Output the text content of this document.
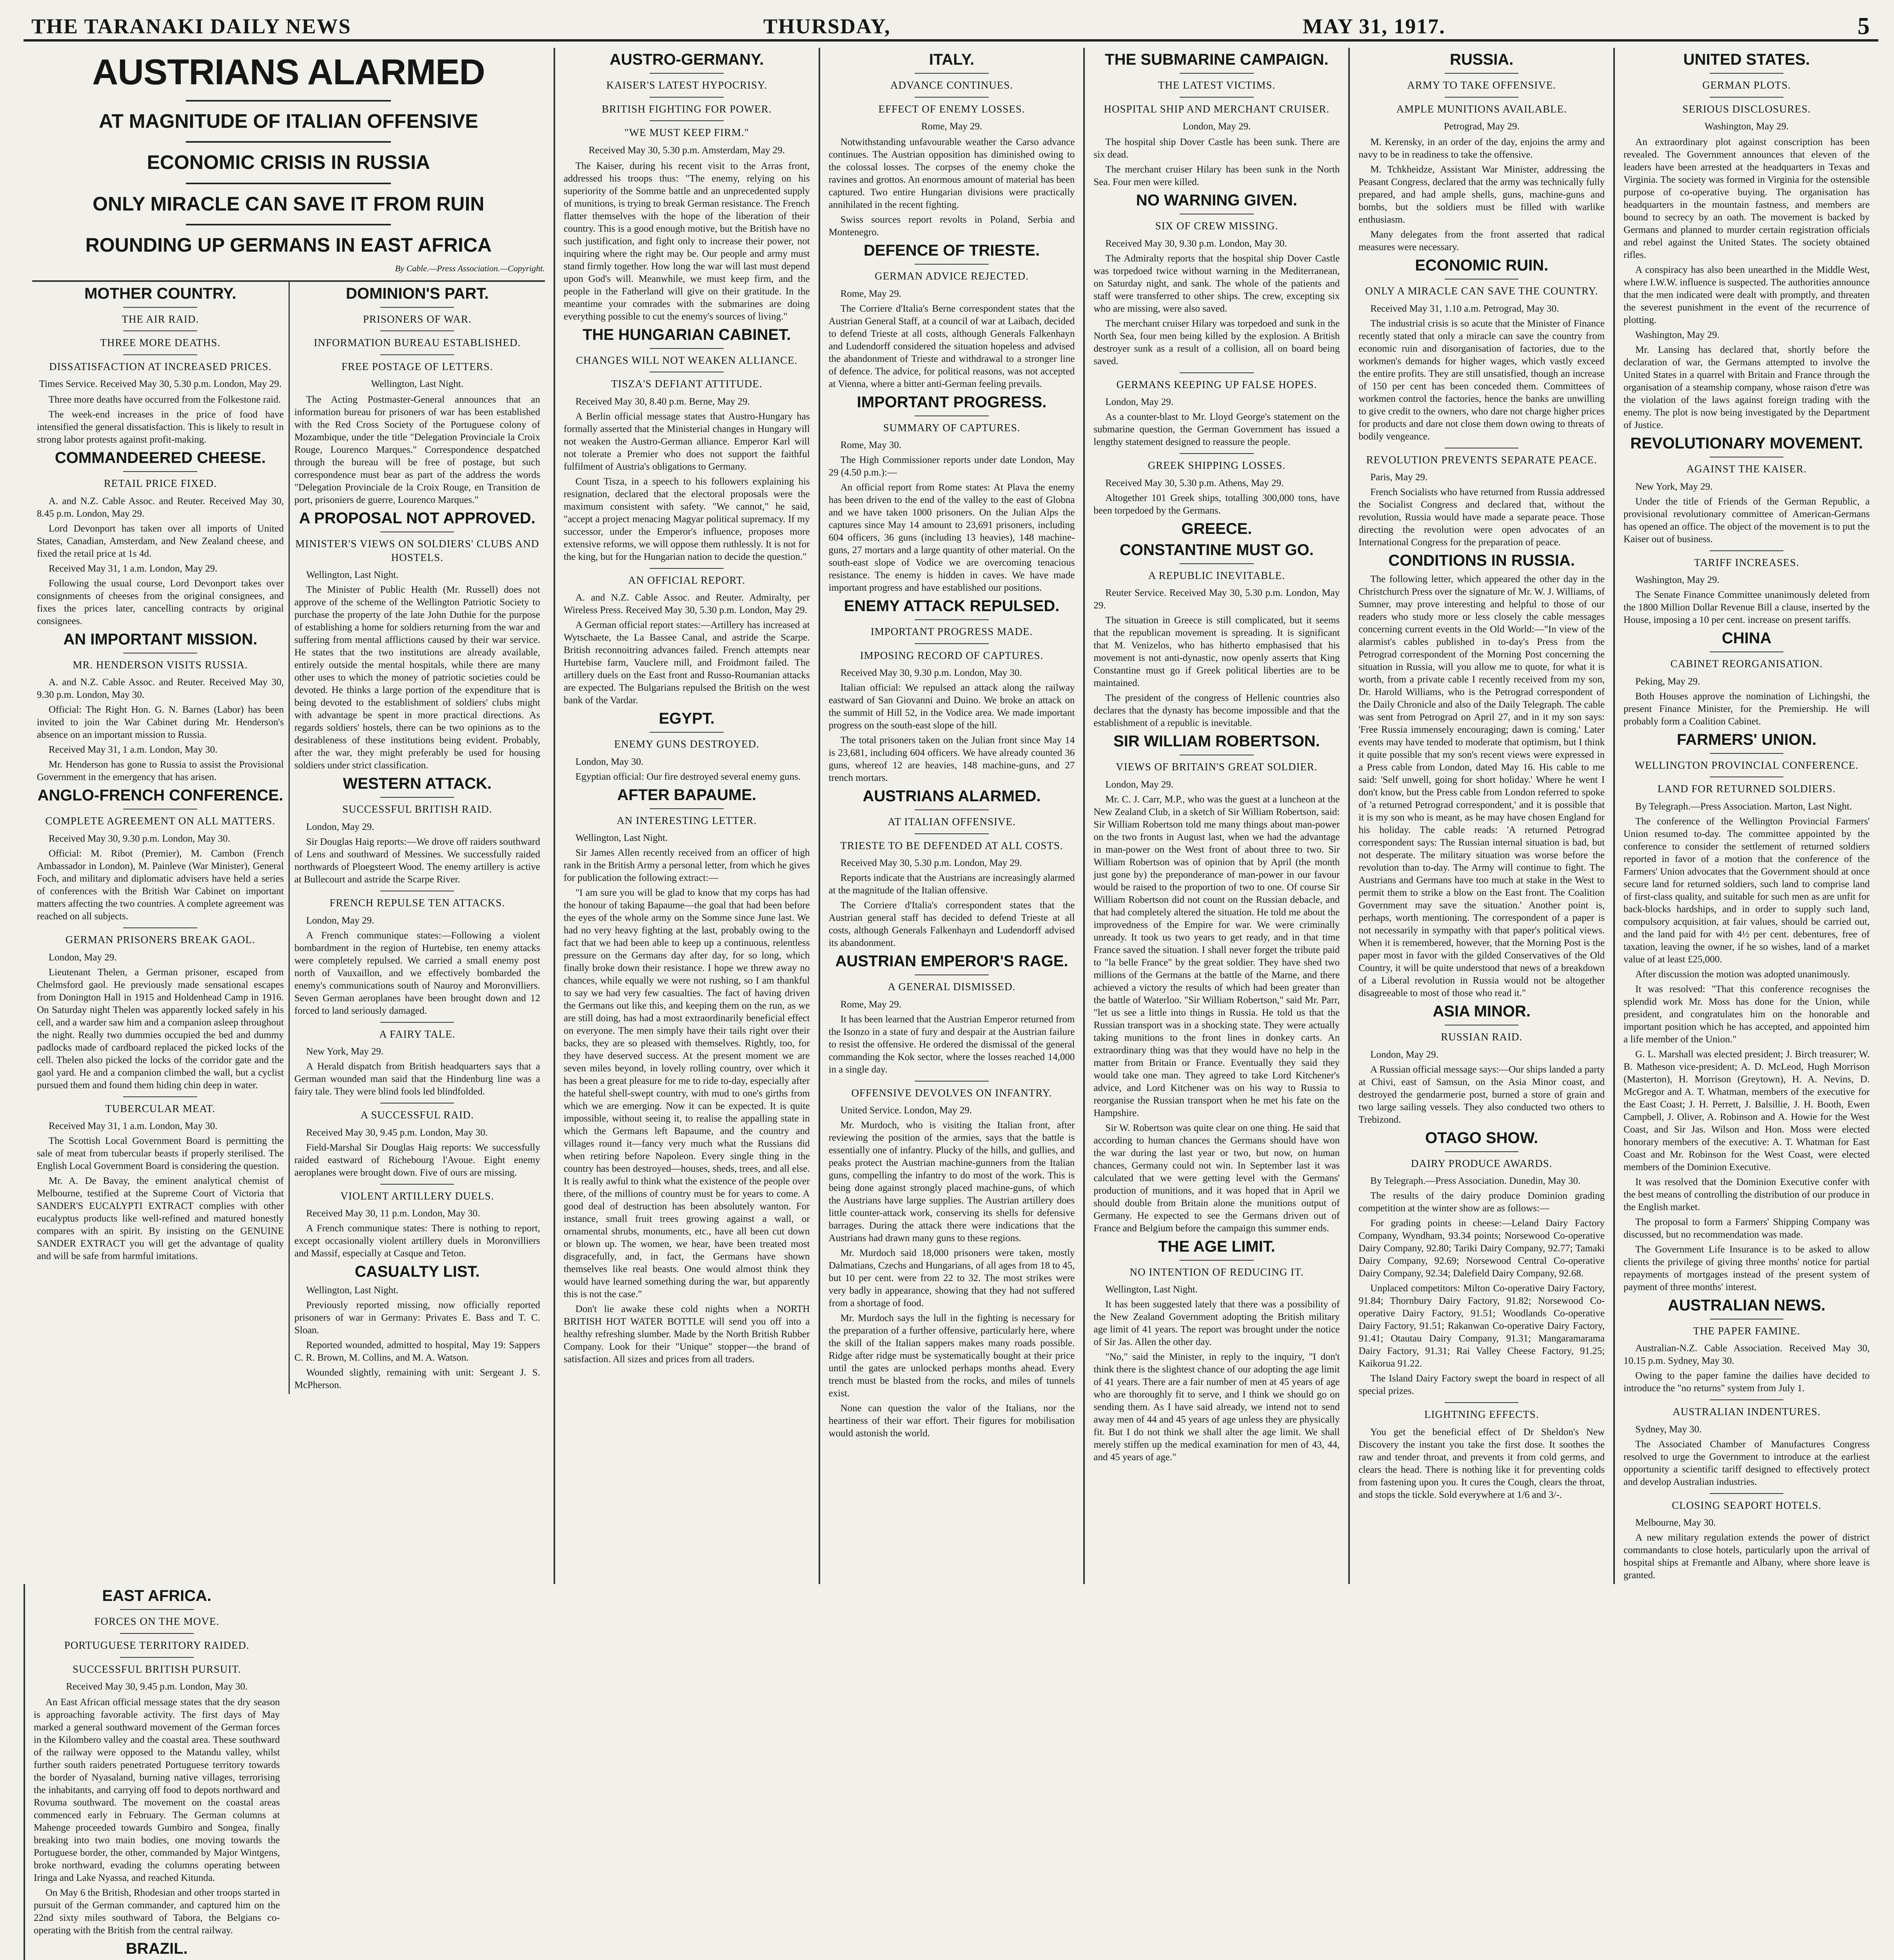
THE TARANAKI DAILY NEWS	THURSDAY,	MAY 31, 1917.	5
AUSTRIANS ALARMED
AT MAGNITUDE OF ITALIAN OFFENSIVE
ECONOMIC CRISIS IN RUSSIA
ONLY MIRACLE CAN SAVE IT FROM RUIN
ROUNDING UP GERMANS IN EAST AFRICA
By Cable.—Press Association.—Copyright.
MOTHER COUNTRY.
THE AIR RAID.
THREE MORE DEATHS.
DISSATISFACTION AT INCREASED PRICES.
Times Service. Received May 30, 5.30 p.m. London, May 29.

Three more deaths have occurred from the Folkestone raid.

The week-end increases in the price of food have intensified the general dissatisfaction. This is likely to result in strong labor protests against profit-making.

COMMANDEERED CHEESE.
RETAIL PRICE FIXED.

A. and N.Z. Cable Assoc. and Reuter. Received May 30, 8.45 p.m. London, May 29.

Lord Devonport has taken over all imports of United States, Canadian, Amsterdam, and New Zealand cheese, and fixed the retail price at 1s 4d.

Received May 31, 1 a.m. London, May 29.

Following the usual course, Lord Devonport takes over consignments of cheeses from the original consignees, and fixes the prices later, cancelling contracts by original consignees.

AN IMPORTANT MISSION.
MR. HENDERSON VISITS RUSSIA.

A. and N.Z. Cable Assoc. and Reuter. Received May 30, 9.30 p.m. London, May 30.

Official: The Right Hon. G. N. Barnes (Labor) has been invited to join the War Cabinet during Mr. Henderson's absence on an important mission to Russia.

Received May 31, 1 a.m. London, May 30.

Mr. Henderson has gone to Russia to assist the Provisional Government in the emergency that has arisen.

ANGLO-FRENCH CONFERENCE.
COMPLETE AGREEMENT ON ALL MATTERS.

Received May 30, 9.30 p.m. London, May 30.

Official: M. Ribot (Premier), M. Cambon (French Ambassador in London), M. Painleve (War Minister), General Foch, and military and diplomatic advisers have held a series of conferences with the British War Cabinet on important matters affecting the two countries. A complete agreement was reached on all subjects.

GERMAN PRISONERS BREAK GAOL.

London, May 29.

Lieutenant Thelen, a German prisoner, escaped from Chelmsford gaol. He previously made sensational escapes from Donington Hall in 1915 and Holdenhead Camp in 1916. On Saturday night Thelen was apparently locked safely in his cell, and a warder saw him and a companion asleep throughout the night. Really two dummies occupied the bed and dummy padlocks made of cardboard replaced the picked locks of the cell. Thelen also picked the locks of the corridor gate and the gaol yard. He and a companion climbed the wall, but a cyclist pursued them and found them hiding chin deep in water.

TUBERCULAR MEAT.

Received May 31, 1 a.m. London, May 30.

The Scottish Local Government Board is permitting the sale of meat from tubercular beasts if properly sterilised. The English Local Government Board is considering the question.

Mr. A. De Bavay, the eminent analytical chemist of Melbourne, testified at the Supreme Court of Victoria that SANDER'S EUCALYPTI EXTRACT complies with other eucalyptus products like well-refined and matured honestly compares with an spirit. By insisting on the GENUINE SANDER EXTRACT you will get the advantage of quality and will be safe from harmful imitations.

DOMINION'S PART.
PRISONERS OF WAR.
INFORMATION BUREAU ESTABLISHED.
FREE POSTAGE OF LETTERS.
Wellington, Last Night.

The Acting Postmaster-General announces that an information bureau for prisoners of war has been established with the Red Cross Society of the Portuguese colony of Mozambique, under the title "Delegation Provinciale la Croix Rouge, Lourenco Marques." Correspondence despatched through the bureau will be free of postage, but such correspondence must bear as part of the address the words "Delegation Provinciale de la Croix Rouge, en Transition de port, prisoniers de guerre, Lourenco Marques."

A PROPOSAL NOT APPROVED.
MINISTER'S VIEWS ON SOLDIERS' CLUBS AND HOSTELS.

Wellington, Last Night.

The Minister of Public Health (Mr. Russell) does not approve of the scheme of the Wellington Patriotic Society to purchase the property of the late John Duthie for the purpose of establishing a home for soldiers returning from the war and suffering from mental afflictions caused by their war service. He states that the two institutions are already available, entirely outside the mental hospitals, while there are many other uses to which the money of patriotic societies could be devoted. He thinks a large portion of the expenditure that is being devoted to the establishment of soldiers' clubs might with advantage be spent in more practical directions. As regards soldiers' hostels, there can be two opinions as to the desirableness of these institutions being evident. Probably, after the war, they might preferably be used for housing soldiers under strict classification.

WESTERN ATTACK.
SUCCESSFUL BRITISH RAID.

London, May 29.

Sir Douglas Haig reports:—We drove off raiders southward of Lens and southward of Messines. We successfully raided northwards of Ploegsteert Wood. The enemy artillery is active at Bullecourt and astride the Scarpe River.

FRENCH REPULSE TEN ATTACKS.

London, May 29.

A French communique states:—Following a violent bombardment in the region of Hurtebise, ten enemy attacks were completely repulsed. We carried a small enemy post north of Vauxaillon, and we effectively bombarded the enemy's communications south of Nauroy and Moronvilliers. Seven German aeroplanes have been brought down and 12 forced to land seriously damaged.

A FAIRY TALE.

New York, May 29.

A Herald dispatch from British headquarters says that a German wounded man said that the Hindenburg line was a fairy tale. They were blind fools led blindfolded.

A SUCCESSFUL RAID.

Received May 30, 9.45 p.m. London, May 30.

Field-Marshal Sir Douglas Haig reports: We successfully raided eastward of Richebourg l'Avoue. Eight enemy aeroplanes were brought down. Five of ours are missing.

VIOLENT ARTILLERY DUELS.

Received May 30, 11 p.m. London, May 30.

A French communique states: There is nothing to report, except occasionally violent artillery duels in Moronvilliers and Massif, especially at Casque and Teton.

CASUALTY LIST.

Wellington, Last Night.

Previously reported missing, now officially reported prisoners of war in Germany: Privates E. Bass and T. C. Sloan.

Reported wounded, admitted to hospital, May 19: Sappers C. R. Brown, M. Collins, and M. A. Watson.

Wounded slightly, remaining with unit: Sergeant J. S. McPherson.

AUSTRO-GERMANY.
KAISER'S LATEST HYPOCRISY.
BRITISH FIGHTING FOR POWER.
"WE MUST KEEP FIRM."
Received May 30, 5.30 p.m. Amsterdam, May 29.

The Kaiser, during his recent visit to the Arras front, addressed his troops thus: "The enemy, relying on his superiority of the Somme battle and an unprecedented supply of munitions, is trying to break German resistance. The French flatter themselves with the hope of the liberation of their country. This is a good enough motive, but the British have no such justification, and fight only to increase their power, not inquiring where the right may be. Our people and army must stand firmly together. How long the war will last must depend upon God's will. Meanwhile, we must keep firm, and the people in the Fatherland will give on their gratitude. In the meantime your comrades with the submarines are doing everything possible to cut the enemy's sources of living."

THE HUNGARIAN CABINET.
CHANGES WILL NOT WEAKEN ALLIANCE.
TISZA'S DEFIANT ATTITUDE.

Received May 30, 8.40 p.m. Berne, May 29.

A Berlin official message states that Austro-Hungary has formally asserted that the Ministerial changes in Hungary will not weaken the Austro-German alliance. Emperor Karl will not tolerate a Premier who does not support the faithful fulfilment of Austria's obligations to Germany.

Count Tisza, in a speech to his followers explaining his resignation, declared that the electoral proposals were the maximum consistent with safety. "We cannot," he said, "accept a project menacing Magyar political supremacy. If my successor, under the Emperor's influence, proposes more extensive reforms, we will oppose them ruthlessly. It is not for the king, but for the Hungarian nation to decide the question."

AN OFFICIAL REPORT.

A. and N.Z. Cable Assoc. and Reuter. Admiralty, per Wireless Press. Received May 30, 5.30 p.m. London, May 29.

A German official report states:—Artillery has increased at Wytschaete, the La Bassee Canal, and astride the Scarpe. British reconnoitring advances failed. French attempts near Hurtebise farm, Vauclere mill, and Froidmont failed. The artillery duels on the East front and Russo-Roumanian attacks are expected. The Bulgarians repulsed the British on the west bank of the Vardar.

EGYPT.
ENEMY GUNS DESTROYED.

London, May 30.

Egyptian official: Our fire destroyed several enemy guns.

AFTER BAPAUME.
AN INTERESTING LETTER.

Wellington, Last Night.

Sir James Allen recently received from an officer of high rank in the British Army a personal letter, from which he gives for publication the following extract:—

"I am sure you will be glad to know that my corps has had the honour of taking Bapaume—the goal that had been before the eyes of the whole army on the Somme since June last. We had no very heavy fighting at the last, probably owing to the fact that we had been able to keep up a continuous, relentless pressure on the Germans day after day, for so long, which finally broke down their resistance. I hope we threw away no chances, while equally we were not rushing, so I am thankful to say we had very few casualties. The fact of having driven the Germans out like this, and keeping them on the run, as we are still doing, has had a most extraordinarily beneficial effect on everyone. The men simply have their tails right over their backs, they are so pleased with themselves. Rightly, too, for they have deserved success. At the present moment we are seven miles beyond, in lovely rolling country, over which it has been a great pleasure for me to ride to-day, especially after the hateful shell-swept country, with mud to one's girths from which we are emerging. Now it can be expected. It is quite impossible, without seeing it, to realise the appalling state in which the Germans left Bapaume, and the country and villages round it—fancy very much what the Russians did when retiring before Napoleon. Every single thing in the country has been destroyed—houses, sheds, trees, and all else. It is really awful to think what the existence of the people over there, of the millions of country must be for years to come. A good deal of destruction has been absolutely wanton. For instance, small fruit trees growing against a wall, or ornamental shrubs, monuments, etc., have all been cut down or blown up. The women, we hear, have been treated most disgracefully, and, in fact, the Germans have shown themselves like real beasts. One would almost think they would have learned something during the war, but apparently this is not the case."

Don't lie awake these cold nights when a NORTH BRITISH HOT WATER BOTTLE will send you off into a healthy refreshing slumber. Made by the North British Rubber Company. Look for their "Unique" stopper—the brand of satisfaction. All sizes and prices from all traders.

ITALY.
ADVANCE CONTINUES.
EFFECT OF ENEMY LOSSES.
Rome, May 29.

Notwithstanding unfavourable weather the Carso advance continues. The Austrian opposition has diminished owing to the colossal losses. The corpses of the enemy choke the ravines and grottos. An enormous amount of material has been captured. Two entire Hungarian divisions were practically annihilated in the recent fighting.

Swiss sources report revolts in Poland, Serbia and Montenegro.

DEFENCE OF TRIESTE.
GERMAN ADVICE REJECTED.

Rome, May 29.

The Corriere d'Italia's Berne correspondent states that the Austrian General Staff, at a council of war at Laibach, decided to defend Trieste at all costs, although Generals Falkenhayn and Ludendorff considered the situation hopeless and advised the abandonment of Trieste and withdrawal to a stronger line of defence. The advice, for political reasons, was not accepted at Vienna, where a bitter anti-German feeling prevails.

IMPORTANT PROGRESS.
SUMMARY OF CAPTURES.

Rome, May 30.

The High Commissioner reports under date London, May 29 (4.50 p.m.):—

An official report from Rome states: At Plava the enemy has been driven to the end of the valley to the east of Globna and we have taken 1000 prisoners. On the Julian Alps the captures since May 14 amount to 23,691 prisoners, including 604 officers, 36 guns (including 13 heavies), 148 machine-guns, 27 mortars and a large quantity of other material. On the south-east slope of Vodice we are overcoming tenacious resistance. The enemy is hidden in caves. We have made important progress and have established our positions.

ENEMY ATTACK REPULSED.
IMPORTANT PROGRESS MADE.
IMPOSING RECORD OF CAPTURES.

Received May 30, 9.30 p.m. London, May 30.

Italian official: We repulsed an attack along the railway eastward of San Giovanni and Duino. We broke an attack on the summit of Hill 52, in the Vodice area. We made important progress on the south-east slope of the hill.

The total prisoners taken on the Julian front since May 14 is 23,681, including 604 officers. We have already counted 36 guns, whereof 12 are heavies, 148 machine-guns, and 27 trench mortars.

AUSTRIANS ALARMED.
AT ITALIAN OFFENSIVE.
TRIESTE TO BE DEFENDED AT ALL COSTS.

Received May 30, 5.30 p.m. London, May 29.

Reports indicate that the Austrians are increasingly alarmed at the magnitude of the Italian offensive.

The Corriere d'Italia's correspondent states that the Austrian general staff has decided to defend Trieste at all costs, although Generals Falkenhayn and Ludendorff advised its abandonment.

AUSTRIAN EMPEROR'S RAGE.
A GENERAL DISMISSED.

Rome, May 29.

It has been learned that the Austrian Emperor returned from the Isonzo in a state of fury and despair at the Austrian failure to resist the offensive. He ordered the dismissal of the general commanding the Kok sector, where the losses reached 14,000 in a single day.

OFFENSIVE DEVOLVES ON INFANTRY.

United Service. London, May 29.

Mr. Murdoch, who is visiting the Italian front, after reviewing the position of the armies, says that the battle is essentially one of infantry. Plucky of the hills, and gullies, and peaks protect the Austrian machine-gunners from the Italian guns, compelling the infantry to do most of the work. This is being done against strongly placed machine-guns, of which the Austrians have large supplies. The Austrian artillery does little counter-attack work, conserving its shells for defensive barrages. During the attack there were indications that the Austrians had drawn many guns to these regions.

Mr. Murdoch said 18,000 prisoners were taken, mostly Dalmatians, Czechs and Hungarians, of all ages from 18 to 45, but 10 per cent. were from 22 to 32. The most strikes were very badly in appearance, showing that they had not suffered from a shortage of food.

Mr. Murdoch says the lull in the fighting is necessary for the preparation of a further offensive, particularly here, where the skill of the Italian sappers makes many roads possible. Ridge after ridge must be systematically bought at their price until the gates are unlocked perhaps months ahead. Every trench must be blasted from the rocks, and miles of tunnels exist.

None can question the valor of the Italians, nor the heartiness of their war effort. Their figures for mobilisation would astonish the world.

THE SUBMARINE CAMPAIGN.
THE LATEST VICTIMS.
HOSPITAL SHIP AND MERCHANT CRUISER.
London, May 29.

The hospital ship Dover Castle has been sunk. There are six dead.

The merchant cruiser Hilary has been sunk in the North Sea. Four men were killed.

NO WARNING GIVEN.
SIX OF CREW MISSING.

Received May 30, 9.30 p.m. London, May 30.

The Admiralty reports that the hospital ship Dover Castle was torpedoed twice without warning in the Mediterranean, on Saturday night, and sank. The whole of the patients and staff were transferred to other ships. The crew, excepting six who are missing, were also saved.

The merchant cruiser Hilary was torpedoed and sunk in the North Sea, four men being killed by the explosion. A British destroyer sunk as a result of a collision, all on board being saved.

GERMANS KEEPING UP FALSE HOPES.

London, May 29.

As a counter-blast to Mr. Lloyd George's statement on the submarine question, the German Government has issued a lengthy statement designed to reassure the people.

GREEK SHIPPING LOSSES.

Received May 30, 5.30 p.m. Athens, May 29.

Altogether 101 Greek ships, totalling 300,000 tons, have been torpedoed by the Germans.

GREECE.
CONSTANTINE MUST GO.
A REPUBLIC INEVITABLE.

Reuter Service. Received May 30, 5.30 p.m. London, May 29.

The situation in Greece is still complicated, but it seems that the republican movement is spreading. It is significant that M. Venizelos, who has hitherto emphasised that his movement is not anti-dynastic, now openly asserts that King Constantine must go if Greek political liberties are to be maintained.

The president of the congress of Hellenic countries also declares that the dynasty has become impossible and that the establishment of a republic is inevitable.

SIR WILLIAM ROBERTSON.
VIEWS OF BRITAIN'S GREAT SOLDIER.

London, May 29.

Mr. C. J. Carr, M.P., who was the guest at a luncheon at the New Zealand Club, in a sketch of Sir William Robertson, said: Sir William Robertson told me many things about man-power on the two fronts in August last, when we had the advantage in man-power on the West front of about three to two. Sir William Robertson was of opinion that by April (the month just gone by) the preponderance of man-power in our favour would be raised to the proportion of two to one. Of course Sir William Robertson did not count on the Russian debacle, and that had completely altered the situation. He told me about the improvedness of the Empire for war. We were criminally unready. It took us two years to get ready, and in that time France saved the situation. I shall never forget the tribute paid to "la belle France" by the great soldier. They have shed two millions of the Germans at the battle of the Marne, and there achieved a victory the results of which had been greater than the battle of Waterloo. "Sir William Robertson," said Mr. Parr, "let us see a little into things in Russia. He told us that the Russian transport was in a shocking state. They were actually taking munitions to the front lines in donkey carts. An extraordinary thing was that they would have no help in the matter from Britain or France. Eventually they said they would take one man. They agreed to take Lord Kitchener's advice, and Lord Kitchener was on his way to Russia to reorganise the Russian transport when he met his fate on the Hampshire.

Sir W. Robertson was quite clear on one thing. He said that according to human chances the Germans should have won the war during the last year or two, but now, on human chances, Germany could not win. In September last it was calculated that we were getting level with the Germans' production of munitions, and it was hoped that in April we should double from Britain alone the munitions output of Germany. He expected to see the Germans driven out of France and Belgium before the campaign this summer ends.

THE AGE LIMIT.
NO INTENTION OF REDUCING IT.

Wellington, Last Night.

It has been suggested lately that there was a possibility of the New Zealand Government adopting the British military age limit of 41 years. The report was brought under the notice of Sir Jas. Allen the other day.

"No," said the Minister, in reply to the inquiry, "I don't think there is the slightest chance of our adopting the age limit of 41 years. There are a fair number of men at 45 years of age who are thoroughly fit to serve, and I think we should go on sending them. As I have said already, we intend not to send away men of 44 and 45 years of age unless they are physically fit. But I do not think we shall alter the age limit. We shall merely stiffen up the medical examination for men of 43, 44, and 45 years of age."

RUSSIA.
ARMY TO TAKE OFFENSIVE.
AMPLE MUNITIONS AVAILABLE.
Petrograd, May 29.

M. Kerensky, in an order of the day, enjoins the army and navy to be in readiness to take the offensive.

M. Tchkheidze, Assistant War Minister, addressing the Peasant Congress, declared that the army was technically fully prepared, and had ample shells, guns, machine-guns and bombs, but the soldiers must be filled with warlike enthusiasm.

Many delegates from the front asserted that radical measures were necessary.

ECONOMIC RUIN.
ONLY A MIRACLE CAN SAVE THE COUNTRY.

Received May 31, 1.10 a.m. Petrograd, May 30.

The industrial crisis is so acute that the Minister of Finance recently stated that only a miracle can save the country from economic ruin and disorganisation of factories, due to the workmen's demands for higher wages, which vastly exceed the entire profits. They are still unsatisfied, though an increase of 150 per cent has been conceded them. Committees of workmen control the factories, hence the banks are unwilling to give credit to the owners, who dare not charge higher prices for products and dare not close them down owing to threats of bodily vengeance.

REVOLUTION PREVENTS SEPARATE PEACE.

Paris, May 29.

French Socialists who have returned from Russia addressed the Socialist Congress and declared that, without the revolution, Russia would have made a separate peace. Those directing the revolution were open advocates of an International Congress for the preparation of peace.

CONDITIONS IN RUSSIA.

The following letter, which appeared the other day in the Christchurch Press over the signature of Mr. W. J. Williams, of Sumner, may prove interesting and helpful to those of our readers who study more or less closely the cable messages concerning current events in the Old World:—"In view of the alarmist's cables published in to-day's Press from the Petrograd correspondent of the Morning Post concerning the situation in Russia, will you allow me to quote, for what it is worth, from a private cable I recently received from my son, Dr. Harold Williams, who is the Petrograd correspondent of the Daily Chronicle and also of the Daily Telegraph. The cable was sent from Petrograd on April 27, and in it my son says: 'Free Russia immensely encouraging; dawn is coming.' Later events may have tended to moderate that optimism, but I think it quite possible that my son's recent views were expressed in a Press cable from London, dated May 16. His cable to me said: 'Self unwell, going for short holiday.' Where he went I don't know, but the Press cable from London referred to spoke of 'a returned Petrograd correspondent,' and it is possible that it is my son who is meant, as he may have chosen England for his holiday. The cable reads: 'A returned Petrograd correspondent says: The Russian internal situation is bad, but not desperate. The military situation was worse before the revolution than to-day. The Army will continue to fight. The Austrians and Germans have too much at stake in the West to permit them to strike a blow on the East front. The Coalition Government may save the situation.' Another point is, perhaps, worth mentioning. The correspondent of a paper is not necessarily in sympathy with that paper's political views. When it is remembered, however, that the Morning Post is the paper most in favor with the gilded Conservatives of the Old Country, it will be quite understood that news of a breakdown of a Liberal revolution in Russia would not be altogether disagreeable to most of those who read it."

ASIA MINOR.
RUSSIAN RAID.

London, May 29.

A Russian official message says:—Our ships landed a party at Chivi, east of Samsun, on the Asia Minor coast, and destroyed the gendarmerie post, burned a store of grain and two large sailing vessels. They also conducted two others to Trebizond.

OTAGO SHOW.
DAIRY PRODUCE AWARDS.

By Telegraph.—Press Association. Dunedin, May 30.

The results of the dairy produce Dominion grading competition at the winter show are as follows:—

For grading points in cheese:—Leland Dairy Factory Company, Wyndham, 93.34 points; Norsewood Co-operative Dairy Company, 92.80; Tariki Dairy Company, 92.77; Tamaki Dairy Company, 92.69; Norsewood Central Co-operative Dairy Company, 92.34; Dalefield Dairy Company, 92.68.

Unplaced competitors: Milton Co-operative Dairy Factory, 91.84; Thornbury Dairy Factory, 91.82; Norsewood Co-operative Dairy Factory, 91.51; Woodlands Co-operative Dairy Factory, 91.51; Rakanwan Co-operative Dairy Factory, 91.41; Otautau Dairy Company, 91.31; Mangaramarama Dairy Factory, 91.31; Rai Valley Cheese Factory, 91.25; Kaikorua 91.22.

The Island Dairy Factory swept the board in respect of all special prizes.

LIGHTNING EFFECTS.

You get the beneficial effect of Dr Sheldon's New Discovery the instant you take the first dose. It soothes the raw and tender throat, and prevents it from cold germs, and clears the head. There is nothing like it for preventing colds from fastening upon you. It cures the Cough, clears the throat, and stops the tickle. Sold everywhere at 1/6 and 3/-.

UNITED STATES.
GERMAN PLOTS.
SERIOUS DISCLOSURES.
Washington, May 29.

An extraordinary plot against conscription has been revealed. The Government announces that eleven of the leaders have been arrested at the headquarters in Texas and Virginia. The society was formed in Virginia for the ostensible purpose of co-operative buying. The organisation has headquarters in the mountain fastness, and members are bound to secrecy by an oath. The movement is backed by Germans and planned to murder certain registration officials and rebel against the United States. The society obtained rifles.

A conspiracy has also been unearthed in the Middle West, where I.W.W. influence is suspected. The authorities announce that the men indicated were dealt with promptly, and threaten the severest punishment in the event of the recurrence of plotting.

Washington, May 29.

Mr. Lansing has declared that, shortly before the declaration of war, the Germans attempted to involve the United States in a quarrel with Britain and France through the organisation of a steamship company, whose raison d'etre was the violation of the laws against foreign trading with the enemy. The plot is now being investigated by the Department of Justice.

REVOLUTIONARY MOVEMENT.
AGAINST THE KAISER.

New York, May 29.

Under the title of Friends of the German Republic, a provisional revolutionary committee of American-Germans has opened an office. The object of the movement is to put the Kaiser out of business.

TARIFF INCREASES.

Washington, May 29.

The Senate Finance Committee unanimously deleted from the 1800 Million Dollar Revenue Bill a clause, inserted by the House, imposing a 10 per cent. increase on present tariffs.

CHINA
CABINET REORGANISATION.

Peking, May 29.

Both Houses approve the nomination of Lichingshi, the present Finance Minister, for the Premiership. He will probably form a Coalition Cabinet.

FARMERS' UNION.
WELLINGTON PROVINCIAL CONFERENCE.
LAND FOR RETURNED SOLDIERS.

By Telegraph.—Press Association. Marton, Last Night.

The conference of the Wellington Provincial Farmers' Union resumed to-day. The committee appointed by the conference to consider the settlement of returned soldiers reported in favor of a motion that the conference of the Farmers' Union advocates that the Government should at once secure land for returned soldiers, such land to comprise land of first-class quality, and suitable for such men as are unfit for back-blocks hardships, and in order to supply such land, compulsory acquisition, at fair values, should be carried out, and the land paid for with 4½ per cent. debentures, free of taxation, leaving the owner, if he so wishes, land of a market value of at least £25,000.

After discussion the motion was adopted unanimously.

It was resolved: "That this conference recognises the splendid work Mr. Moss has done for the Union, while president, and congratulates him on the honorable and important position which he has accepted, and appointed him a life member of the Union."

G. L. Marshall was elected president; J. Birch treasurer; W. B. Matheson vice-president; A. D. McLeod, Hugh Morrison (Masterton), H. Morrison (Greytown), H. A. Nevins, D. McGregor and A. T. Whatman, members of the executive for the East Coast; J. H. Perrett, J. Balsillie, J. H. Booth, Ewen Campbell, J. Oliver, A. Robinson and A. Howie for the West Coast, and Sir Jas. Wilson and Hon. Moss were elected honorary members of the executive: A. T. Whatman for East Coast and Mr. Robinson for the West Coast, were elected members of the Dominion Executive.

It was resolved that the Dominion Executive confer with the best means of controlling the distribution of our produce in the English market.

The proposal to form a Farmers' Shipping Company was discussed, but no recommendation was made.

The Government Life Insurance is to be asked to allow clients the privilege of giving three months' notice for partial repayments of mortgages instead of the present system of payment of three months' interest.

AUSTRALIAN NEWS.
THE PAPER FAMINE.

Australian-N.Z. Cable Association. Received May 30, 10.15 p.m. Sydney, May 30.

Owing to the paper famine the dailies have decided to introduce the "no returns" system from July 1.

AUSTRALIAN INDENTURES.

Sydney, May 30.

The Associated Chamber of Manufactures Congress resolved to urge the Government to introduce at the earliest opportunity a scientific tariff designed to effectively protect and develop Australian industries.

CLOSING SEAPORT HOTELS.

Melbourne, May 30.

A new military regulation extends the power of district commandants to close hotels, particularly upon the arrival of hospital ships at Fremantle and Albany, where shore leave is granted.

EAST AFRICA.
FORCES ON THE MOVE.
PORTUGUESE TERRITORY RAIDED.
SUCCESSFUL BRITISH PURSUIT.
Received May 30, 9.45 p.m. London, May 30.

An East African official message states that the dry season is approaching favorable activity. The first days of May marked a general southward movement of the German forces in the Kilombero valley and the coastal area. These southward of the railway were opposed to the Matandu valley, whilst further south raiders penetrated Portuguese territory towards the border of Nyasaland, burning native villages, terrorising the inhabitants, and carrying off food to depots northward and Rovuma southward. The movement on the coastal areas commenced early in February. The German columns at Mahenge proceeded towards Gumbiro and Songea, finally breaking into two main bodies, one moving towards the Portuguese border, the other, commanded by Major Wintgens, broke northward, evading the columns operating between Iringa and Lake Nyassa, and reached Kitunda.

On May 6 the British, Rhodesian and other troops started in pursuit of the German commander, and captured him on the 22nd sixty miles southward of Tabora, the Belgians co-operating with the British from the central railway.

BRAZIL.
